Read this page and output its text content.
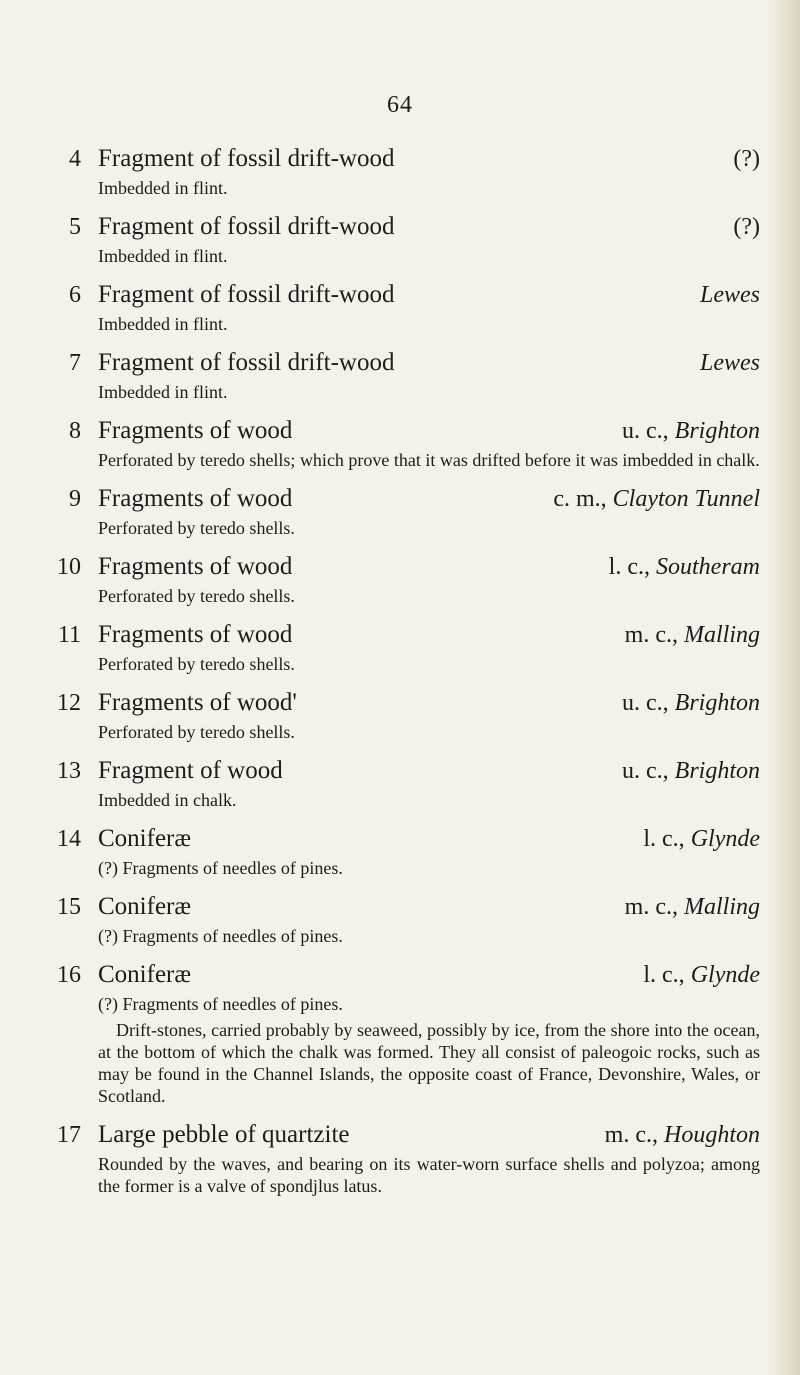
64
4 Fragment of fossil drift-wood	(?)
Imbedded in flint.
5 Fragment of fossil drift-wood	(?)
Imbedded in flint.
6 Fragment of fossil drift-wood	Lewes
Imbedded in flint.
7 Fragment of fossil drift-wood	Lewes
Imbedded in flint.
8 Fragments of wood	u. c., Brighton
Perforated by teredo shells; which prove that it was drifted before it was imbedded in chalk.
9 Fragments of wood	c. m., Clayton Tunnel
Perforated by teredo shells.
10 Fragments of wood	l. c., Southeram
Perforated by teredo shells.
11 Fragments of wood	m. c., Malling
Perforated by teredo shells.
12 Fragments of wood'	u. c., Brighton
Perforated by teredo shells.
13 Fragment of wood	u. c., Brighton
Imbedded in chalk.
14 Coniferæ	l. c., Glynde
(?) Fragments of needles of pines.
15 Coniferæ	m. c., Malling
(?) Fragments of needles of pines.
16 Coniferæ	l. c., Glynde
(?) Fragments of needles of pines.
Drift-stones, carried probably by seaweed, possibly by ice, from the shore into the ocean, at the bottom of which the chalk was formed. They all consist of paleogoic rocks, such as may be found in the Channel Islands, the opposite coast of France, Devonshire, Wales, or Scotland.
17 Large pebble of quartzite	m. c., Houghton
Rounded by the waves, and bearing on its water-worn surface shells and polyzoa; among the former is a valve of spondjlus latus.
